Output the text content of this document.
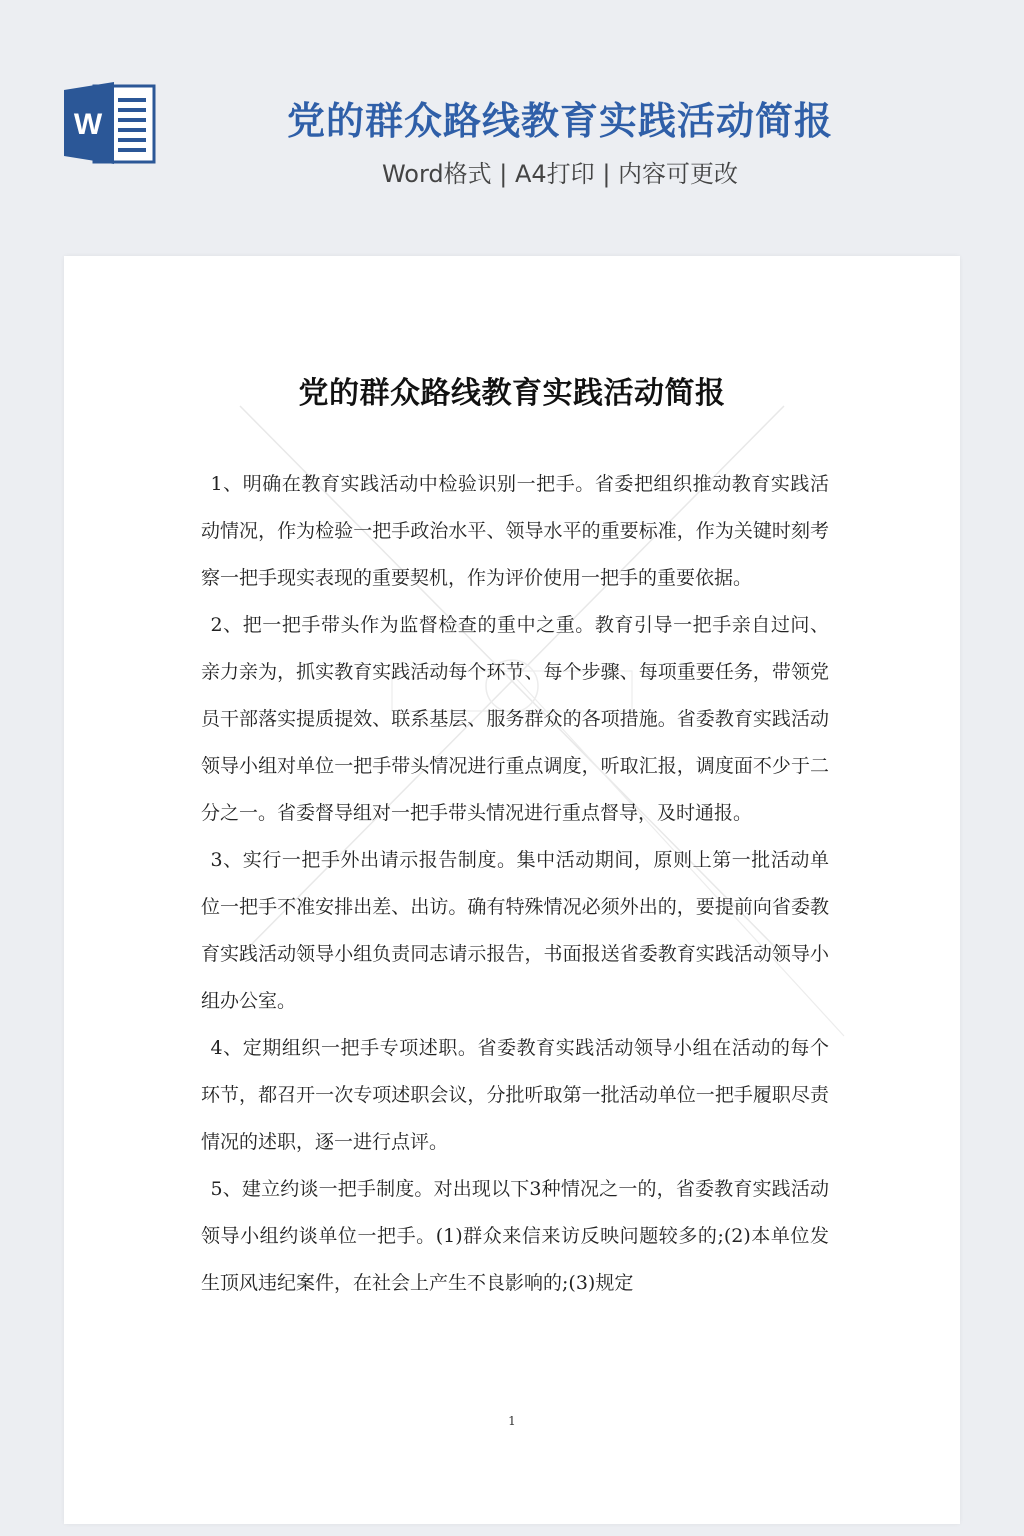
W	党的群众路线教育实践活动简报
Word格式 | A4打印 | 内容可更改
党的群众路线教育实践活动简报

1、明确在教育实践活动中检验识别一把手。省委把组织推动教育实践活动情况，作为检验一把手政治水平、领导水平的重要标准，作为关键时刻考察一把手现实表现的重要契机，作为评价使用一把手的重要依据。

2、把一把手带头作为监督检查的重中之重。教育引导一把手亲自过问、亲力亲为，抓实教育实践活动每个环节、每个步骤、每项重要任务，带领党员干部落实提质提效、联系基层、服务群众的各项措施。省委教育实践活动领导小组对单位一把手带头情况进行重点调度，听取汇报，调度面不少于二分之一。省委督导组对一把手带头情况进行重点督导，及时通报。

3、实行一把手外出请示报告制度。集中活动期间，原则上第一批活动单位一把手不准安排出差、出访。确有特殊情况必须外出的，要提前向省委教育实践活动领导小组负责同志请示报告，书面报送省委教育实践活动领导小组办公室。

4、定期组织一把手专项述职。省委教育实践活动领导小组在活动的每个环节，都召开一次专项述职会议，分批听取第一批活动单位一把手履职尽责情况的述职，逐一进行点评。

5、建立约谈一把手制度。对出现以下3种情况之一的，省委教育实践活动领导小组约谈单位一把手。(1)群众来信来访反映问题较多的;(2)本单位发生顶风违纪案件，在社会上产生不良影响的;(3)规定

1
